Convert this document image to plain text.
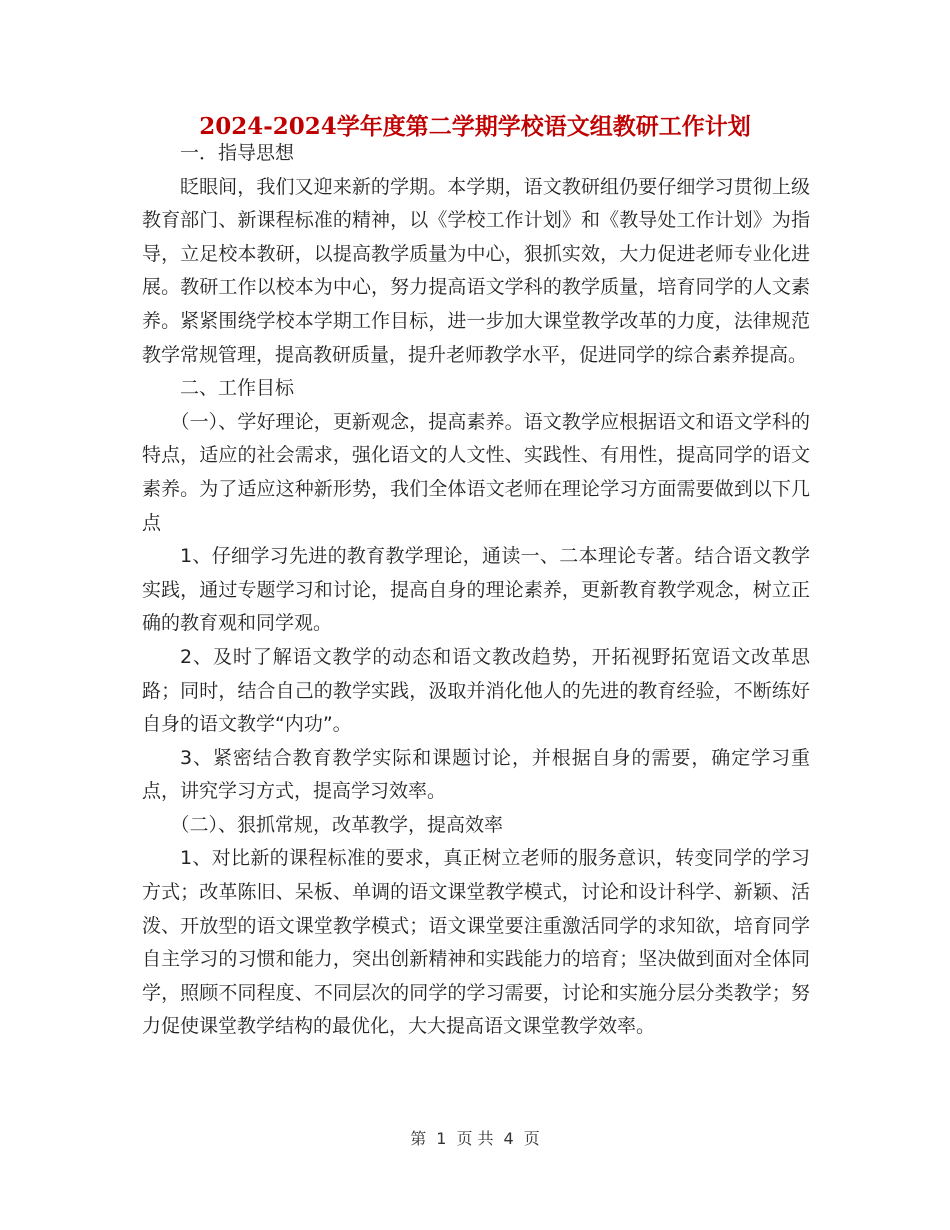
2024-2024学年度第二学期学校语文组教研工作计划

一．指导思想

眨眼间，我们又迎来新的学期。本学期，语文教研组仍要仔细学习贯彻上级教育部门、新课程标准的精神，以《学校工作计划》和《教导处工作计划》为指导，立足校本教研，以提高教学质量为中心，狠抓实效，大力促进老师专业化进展。教研工作以校本为中心，努力提高语文学科的教学质量，培育同学的人文素养。紧紧围绕学校本学期工作目标，进一步加大课堂教学改革的力度，法律规范教学常规管理，提高教研质量，提升老师教学水平，促进同学的综合素养提高。

二、工作目标

（一）、学好理论，更新观念，提高素养。语文教学应根据语文和语文学科的特点，适应的社会需求，强化语文的人文性、实践性、有用性，提高同学的语文素养。为了适应这种新形势，我们全体语文老师在理论学习方面需要做到以下几点

1、仔细学习先进的教育教学理论，通读一、二本理论专著。结合语文教学实践，通过专题学习和讨论，提高自身的理论素养，更新教育教学观念，树立正确的教育观和同学观。

2、及时了解语文教学的动态和语文教改趋势，开拓视野拓宽语文改革思路；同时，结合自己的教学实践，汲取并消化他人的先进的教育经验，不断练好自身的语文教学“内功”。

3、紧密结合教育教学实际和课题讨论，并根据自身的需要，确定学习重点，讲究学习方式，提高学习效率。

（二）、狠抓常规，改革教学，提高效率

1、对比新的课程标准的要求，真正树立老师的服务意识，转变同学的学习方式；改革陈旧、呆板、单调的语文课堂教学模式，讨论和设计科学、新颖、活泼、开放型的语文课堂教学模式；语文课堂要注重激活同学的求知欲，培育同学自主学习的习惯和能力，突出创新精神和实践能力的培育；坚决做到面对全体同学，照顾不同程度、不同层次的同学的学习需要，讨论和实施分层分类教学；努力促使课堂教学结构的最优化，大大提高语文课堂教学效率。

第 1 页 共 4 页
